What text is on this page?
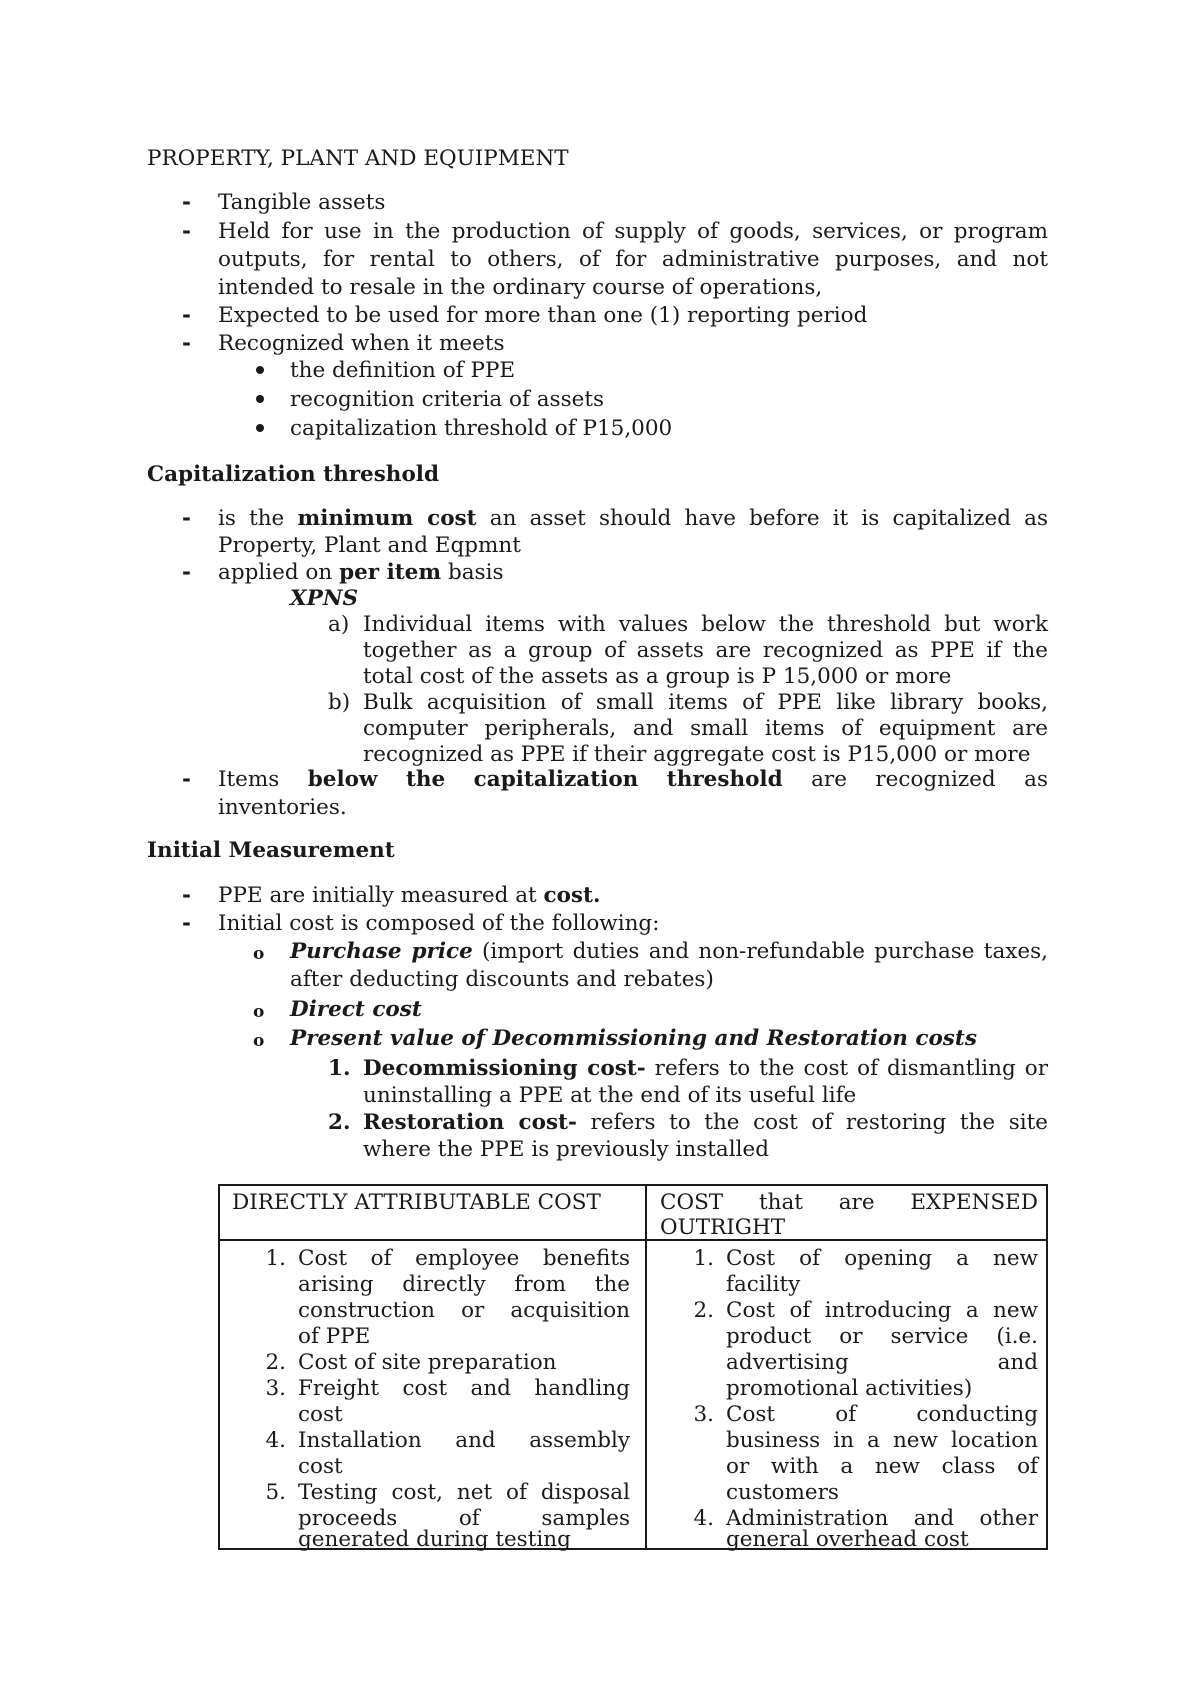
PROPERTY, PLANT AND EQUIPMENT
- Tangible assets
- Held for use in the production of supply of goods, services, or program
outputs, for rental to others, of for administrative purposes, and not
intended to resale in the ordinary course of operations,
- Expected to be used for more than one (1) reporting period
- Recognized when it meets
the definition of PPE
recognition criteria of assets
capitalization threshold of P15,000
Capitalization threshold
- is the minimum cost an asset should have before it is capitalized as
Property, Plant and Eqpmnt
- applied on per item basis
XPNS
a) Individual items with values below the threshold but work
together as a group of assets are recognized as PPE if the
total cost of the assets as a group is P 15,000 or more
b) Bulk acquisition of small items of PPE like library books,
computer peripherals, and small items of equipment are
recognized as PPE if their aggregate cost is P15,000 or more
- Items below the capitalization threshold are recognized as
inventories.
Initial Measurement
- PPE are initially measured at cost.
- Initial cost is composed of the following:
o Purchase price (import duties and non-refundable purchase taxes,
after deducting discounts and rebates)
o Direct cost
o Present value of Decommissioning and Restoration costs
1. Decommissioning cost- refers to the cost of dismantling or
uninstalling a PPE at the end of its useful life
2. Restoration cost- refers to the cost of restoring the site
where the PPE is previously installed
DIRECTLY ATTRIBUTABLE COST	COST that are EXPENSED
OUTRIGHT
1. Cost of employee benefits
arising directly from the
construction or acquisition
of PPE
2. Cost of site preparation
3. Freight cost and handling
cost
4. Installation and assembly
cost
5. Testing cost, net of disposal
proceeds of samples
generated during testing
1. Cost of opening a new
facility
2. Cost of introducing a new
product or service (i.e.
advertising and
promotional activities)
3. Cost of conducting
business in a new location
or with a new class of
customers
4. Administration and other
general overhead cost
